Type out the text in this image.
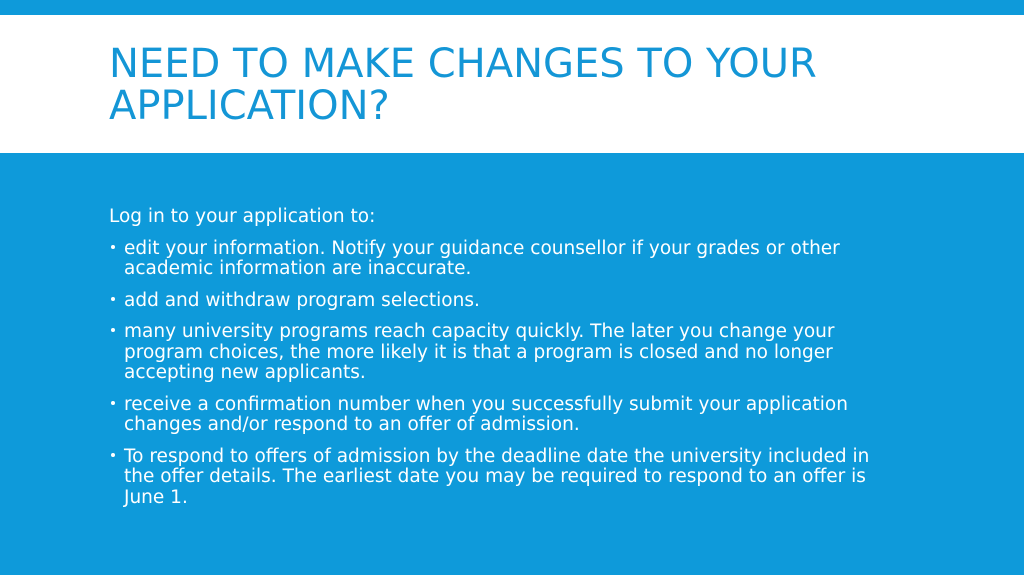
NEED TO MAKE CHANGES TO YOUR
APPLICATION?

Log in to your application to:

edit your information. Notify your guidance counsellor if your grades or other
academic information are inaccurate.
add and withdraw program selections.
many university programs reach capacity quickly. The later you change your
program choices, the more likely it is that a program is closed and no longer
accepting new applicants.
receive a confirmation number when you successfully submit your application
changes and/or respond to an offer of admission.
To respond to offers of admission by the deadline date the university included in
the offer details. The earliest date you may be required to respond to an offer is
June 1.
